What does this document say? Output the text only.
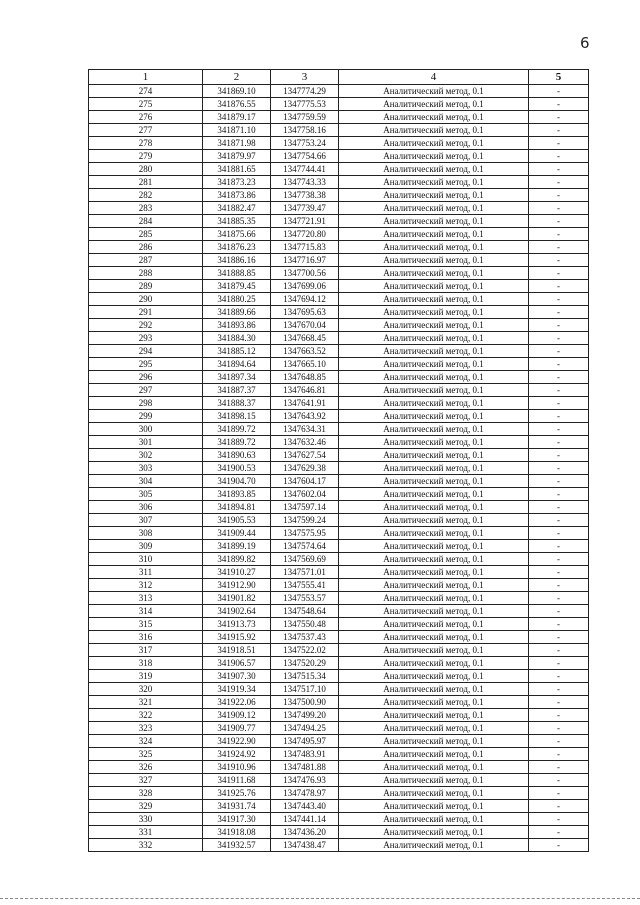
6
1	2	3	4	5
274	341869.10	1347774.29	Аналитический метод, 0.1	-
275	341876.55	1347775.53	Аналитический метод, 0.1	-
276	341879.17	1347759.59	Аналитический метод, 0.1	-
277	341871.10	1347758.16	Аналитический метод, 0.1	-
278	341871.98	1347753.24	Аналитический метод, 0.1	-
279	341879.97	1347754.66	Аналитический метод, 0.1	-
280	341881.65	1347744.41	Аналитический метод, 0.1	-
281	341873.23	1347743.33	Аналитический метод, 0.1	-
282	341873.86	1347738.38	Аналитический метод, 0.1	-
283	341882.47	1347739.47	Аналитический метод, 0.1	-
284	341885.35	1347721.91	Аналитический метод, 0.1	-
285	341875.66	1347720.80	Аналитический метод, 0.1	-
286	341876.23	1347715.83	Аналитический метод, 0.1	-
287	341886.16	1347716.97	Аналитический метод, 0.1	-
288	341888.85	1347700.56	Аналитический метод, 0.1	-
289	341879.45	1347699.06	Аналитический метод, 0.1	-
290	341880.25	1347694.12	Аналитический метод, 0.1	-
291	341889.66	1347695.63	Аналитический метод, 0.1	-
292	341893.86	1347670.04	Аналитический метод, 0.1	-
293	341884.30	1347668.45	Аналитический метод, 0.1	-
294	341885.12	1347663.52	Аналитический метод, 0.1	-
295	341894.64	1347665.10	Аналитический метод, 0.1	-
296	341897.34	1347648.85	Аналитический метод, 0.1	-
297	341887.37	1347646.81	Аналитический метод, 0.1	-
298	341888.37	1347641.91	Аналитический метод, 0.1	-
299	341898.15	1347643.92	Аналитический метод, 0.1	-
300	341899.72	1347634.31	Аналитический метод, 0.1	-
301	341889.72	1347632.46	Аналитический метод, 0.1	-
302	341890.63	1347627.54	Аналитический метод, 0.1	-
303	341900.53	1347629.38	Аналитический метод, 0.1	-
304	341904.70	1347604.17	Аналитический метод, 0.1	-
305	341893.85	1347602.04	Аналитический метод, 0.1	-
306	341894.81	1347597.14	Аналитический метод, 0.1	-
307	341905.53	1347599.24	Аналитический метод, 0.1	-
308	341909.44	1347575.95	Аналитический метод, 0.1	-
309	341899.19	1347574.64	Аналитический метод, 0.1	-
310	341899.82	1347569.69	Аналитический метод, 0.1	-
311	341910.27	1347571.01	Аналитический метод, 0.1	-
312	341912.90	1347555.41	Аналитический метод, 0.1	-
313	341901.82	1347553.57	Аналитический метод, 0.1	-
314	341902.64	1347548.64	Аналитический метод, 0.1	-
315	341913.73	1347550.48	Аналитический метод, 0.1	-
316	341915.92	1347537.43	Аналитический метод, 0.1	-
317	341918.51	1347522.02	Аналитический метод, 0.1	-
318	341906.57	1347520.29	Аналитический метод, 0.1	-
319	341907.30	1347515.34	Аналитический метод, 0.1	-
320	341919.34	1347517.10	Аналитический метод, 0.1	-
321	341922.06	1347500.90	Аналитический метод, 0.1	-
322	341909.12	1347499.20	Аналитический метод, 0.1	-
323	341909.77	1347494.25	Аналитический метод, 0.1	-
324	341922.90	1347495.97	Аналитический метод, 0.1	-
325	341924.92	1347483.91	Аналитический метод, 0.1	-
326	341910.96	1347481.88	Аналитический метод, 0.1	-
327	341911.68	1347476.93	Аналитический метод, 0.1	-
328	341925.76	1347478.97	Аналитический метод, 0.1	-
329	341931.74	1347443.40	Аналитический метод, 0.1	-
330	341917.30	1347441.14	Аналитический метод, 0.1	-
331	341918.08	1347436.20	Аналитический метод, 0.1	-
332	341932.57	1347438.47	Аналитический метод, 0.1	-
